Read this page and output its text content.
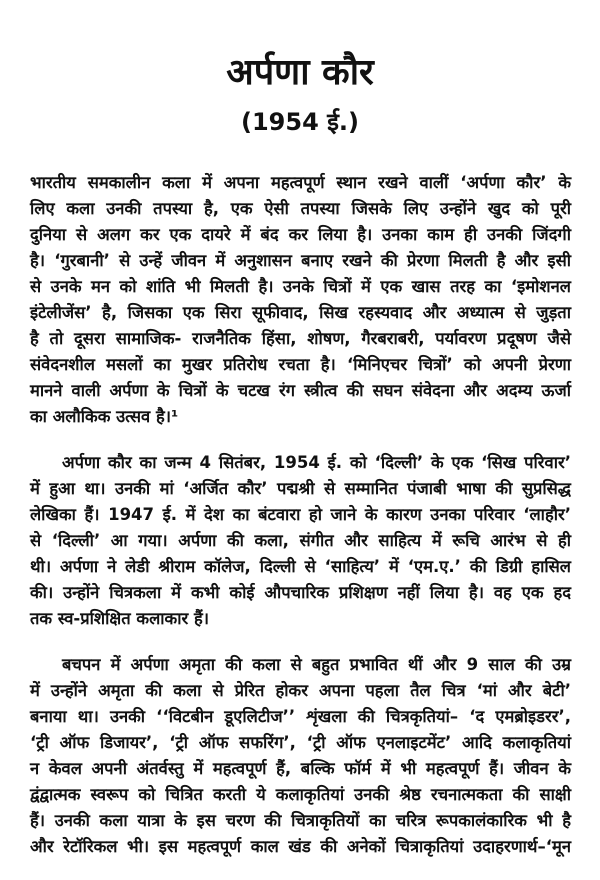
अर्पणा कौर
(1954 ई.)
भारतीय समकालीन कला में अपना महत्वपूर्ण स्थान रखने वालीं ‘अर्पणा कौर’ के
लिए कला उनकी तपस्या है, एक ऐसी तपस्या जिसके लिए उन्होंने खुद को पूरी
दुनिया से अलग कर एक दायरे में बंद कर लिया है। उनका काम ही उनकी जिंदगी
है। ‘गुरबानी’ से उन्हें जीवन में अनुशासन बनाए रखने की प्रेरणा मिलती है और इसी
से उनके मन को शांति भी मिलती है। उनके चित्रों में एक खास तरह का ‘इमोशनल
इंटेलीजेंस’ है, जिसका एक सिरा सूफीवाद, सिख रहस्यवाद और अध्यात्म से जुड़ता
है तो दूसरा सामाजिक- राजनैतिक हिंसा, शोषण, गैरबराबरी, पर्यावरण प्रदूषण जैसे
संवेदनशील मसलों का मुखर प्रतिरोध रचता है। ‘मिनिएचर चित्रों’ को अपनी प्रेरणा
मानने वाली अर्पणा के चित्रों के चटख रंग स्त्रीत्व की सघन संवेदना और अदम्य ऊर्जा
का अलौकिक उत्सव है।¹
अर्पणा कौर का जन्म 4 सितंबर, 1954 ई. को ‘दिल्ली’ के एक ‘सिख परिवार’
में हुआ था। उनकी मां ‘अर्जित कौर’ पद्मश्री से सम्मानित पंजाबी भाषा की सुप्रसिद्ध
लेखिका हैं। 1947 ई. में देश का बंटवारा हो जाने के कारण उनका परिवार ‘लाहौर’
से ‘दिल्ली’ आ गया। अर्पणा की कला, संगीत और साहित्य में रूचि आरंभ से ही
थी। अर्पणा ने लेडी श्रीराम कॉलेज, दिल्ली से ‘साहित्य’ में ‘एम.ए.’ की डिग्री हासिल
की। उन्होंने चित्रकला में कभी कोई औपचारिक प्रशिक्षण नहीं लिया है। वह एक हद
तक स्व-प्रशिक्षित कलाकार हैं।
बचपन में अर्पणा अमृता की कला से बहुत प्रभावित थीं और 9 साल की उम्र
में उन्होंने अमृता की कला से प्रेरित होकर अपना पहला तैल चित्र ‘मां और बेटी’
बनाया था। उनकी ‘‘विटबीन डूएलिटीज’’ शृंखला की चित्रकृतियां– ‘द एमब्रोइडरर’,
‘ट्री ऑफ डिजायर’, ‘ट्री ऑफ सफरिंग’, ‘ट्री ऑफ एनलाइटमेंट’ आदि कलाकृतियां
न केवल अपनी अंतर्वस्तु में महत्वपूर्ण हैं, बल्कि फॉर्म में भी महत्वपूर्ण हैं। जीवन के
द्वंद्वात्मक स्वरूप को चित्रित करती ये कलाकृतियां उनकी श्रेष्ठ रचनात्मकता की साक्षी
हैं। उनकी कला यात्रा के इस चरण की चित्राकृतियों का चरित्र रूपकालंकारिक भी है
और रेटॉरिकल भी। इस महत्वपूर्ण काल खंड की अनेकों चित्राकृतियां उदाहरणार्थ–‘मून
